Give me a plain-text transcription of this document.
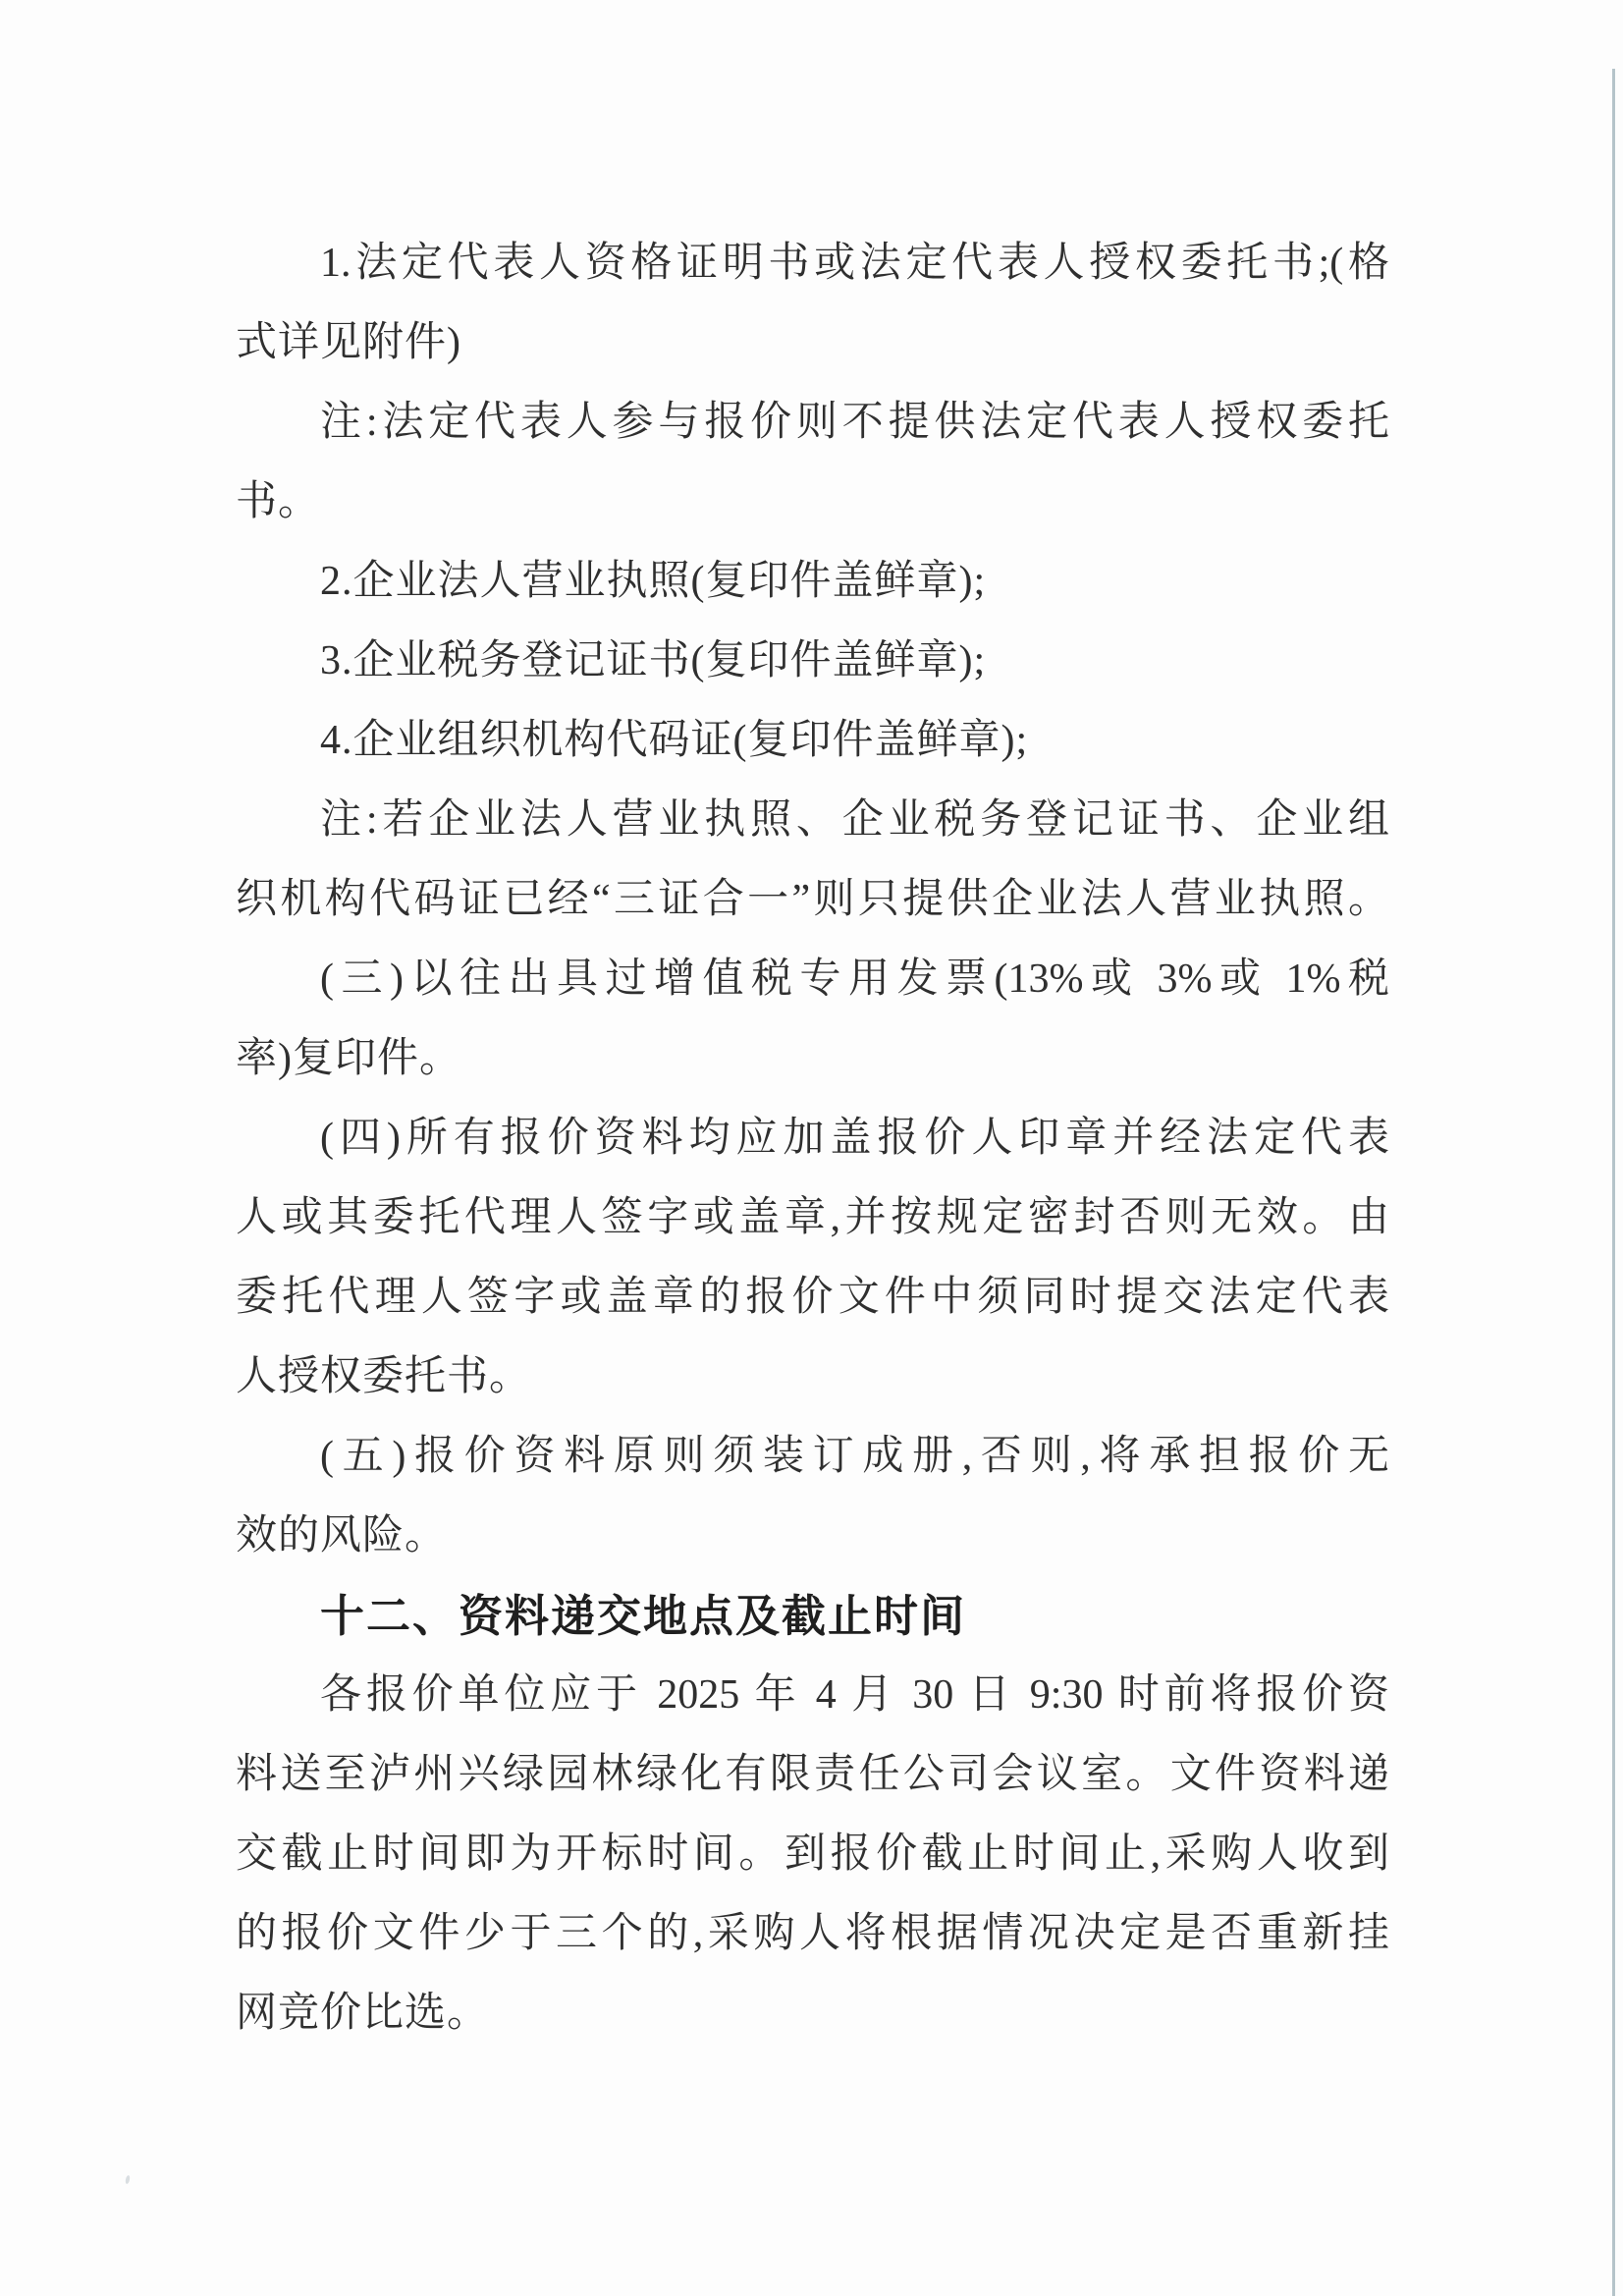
1.法定代表人资格证明书或法定代表人授权委托书;(格
式详见附件)
注:法定代表人参与报价则不提供法定代表人授权委托
书。
2.企业法人营业执照(复印件盖鲜章);
3.企业税务登记证书(复印件盖鲜章);
4.企业组织机构代码证(复印件盖鲜章);
注:若企业法人营业执照、企业税务登记证书、企业组
织机构代码证已经“三证合一”则只提供企业法人营业执照。
(三)以往出具过增值税专用发票(13%或 3%或 1%税
率)复印件。
(四)所有报价资料均应加盖报价人印章并经法定代表
人或其委托代理人签字或盖章,并按规定密封否则无效。由
委托代理人签字或盖章的报价文件中须同时提交法定代表
人授权委托书。
(五)报价资料原则须装订成册,否则,将承担报价无
效的风险。
十二、资料递交地点及截止时间
各报价单位应于 2025 年 4 月 30 日 9:30 时前将报价资
料送至泸州兴绿园林绿化有限责任公司会议室。文件资料递
交截止时间即为开标时间。到报价截止时间止,采购人收到
的报价文件少于三个的,采购人将根据情况决定是否重新挂
网竞价比选。
